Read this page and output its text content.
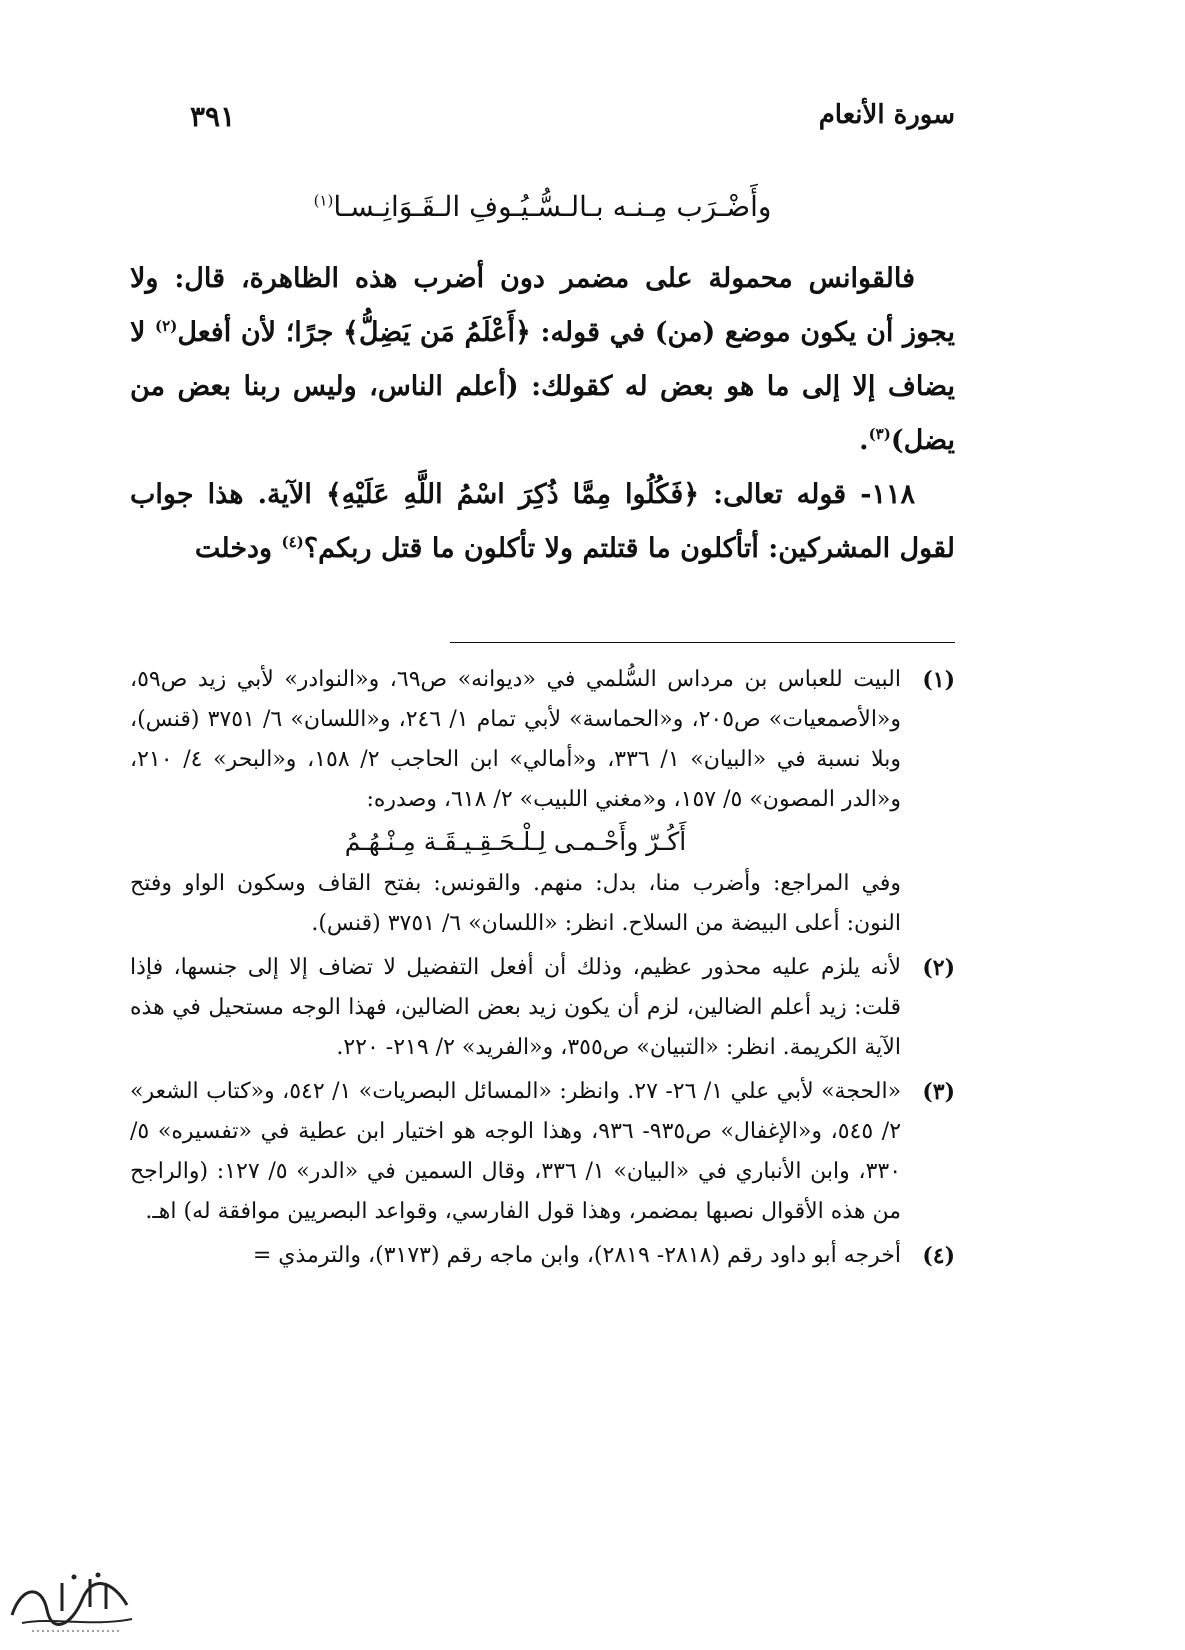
سورة الأنعام
٣٩١
وأَضْـرَب مِـنـه بـالـسُّـيُـوفِ الـقَـوَانِـسـا$^{(١)}$

فالقوانس محمولة على مضمر دون أضرب هذه الظاهرة، قال: ولا يجوز أن يكون موضع (من) في قوله: ﴿أَعْلَمُ مَن يَضِلُّ﴾ جرًا؛ لأن أفعل$^{(٢)}$ لا يضاف إلا إلى ما هو بعض له كقولك: (أعلم الناس، وليس ربنا بعض من يضل)$^{(٣)}$.

١١٨- قوله تعالى: ﴿فَكُلُوا مِمَّا ذُكِرَ اسْمُ اللَّهِ عَلَيْهِ﴾ الآية. هذا جواب لقول المشركين: أتأكلون ما قتلتم ولا تأكلون ما قتل ربكم؟$^{(٤)}$ ودخلت

(١)

البيت للعباس بن مرداس السُّلمي في «ديوانه» ص٦٩، و«النوادر» لأبي زيد ص٥٩، و«الأصمعيات» ص٢٠٥، و«الحماسة» لأبي تمام ١/ ٢٤٦، و«اللسان» ٦/ ٣٧٥١ (قنس)، وبلا نسبة في «البيان» ١/ ٣٣٦، و«أمالي» ابن الحاجب ٢/ ١٥٨، و«البحر» ٤/ ٢١٠، و«الدر المصون» ٥/ ١٥٧، و«مغني اللبيب» ٢/ ٦١٨، وصدره:

أَكُـرّ وأَحْـمـى لِـلْـحَـقِـيـقَـة مِـنْـهُـمُ

وفي المراجع: وأضرب منا، بدل: منهم. والقونس: بفتح القاف وسكون الواو وفتح النون: أعلى البيضة من السلاح. انظر: «اللسان» ٦/ ٣٧٥١ (قنس).

(٢)

لأنه يلزم عليه محذور عظيم، وذلك أن أفعل التفضيل لا تضاف إلا إلى جنسها، فإذا قلت: زيد أعلم الضالين، لزم أن يكون زيد بعض الضالين، فهذا الوجه مستحيل في هذه الآية الكريمة. انظر: «التبيان» ص٣٥٥، و«الفريد» ٢/ ٢١٩- ٢٢٠.

(٣)

«الحجة» لأبي علي ١/ ٢٦- ٢٧. وانظر: «المسائل البصريات» ١/ ٥٤٢، و«كتاب الشعر» ٢/ ٥٤٥، و«الإغفال» ص٩٣٥- ٩٣٦، وهذا الوجه هو اختيار ابن عطية في «تفسيره» ٥/ ٣٣٠، وابن الأنباري في «البيان» ١/ ٣٣٦، وقال السمين في «الدر» ٥/ ١٢٧: (والراجح من هذه الأقوال نصبها بمضمر، وهذا قول الفارسي، وقواعد البصريين موافقة له) اهـ.

(٤)

أخرجه أبو داود رقم (٢٨١٨- ٢٨١٩)، وابن ماجه رقم (٣١٧٣)، والترمذي =
